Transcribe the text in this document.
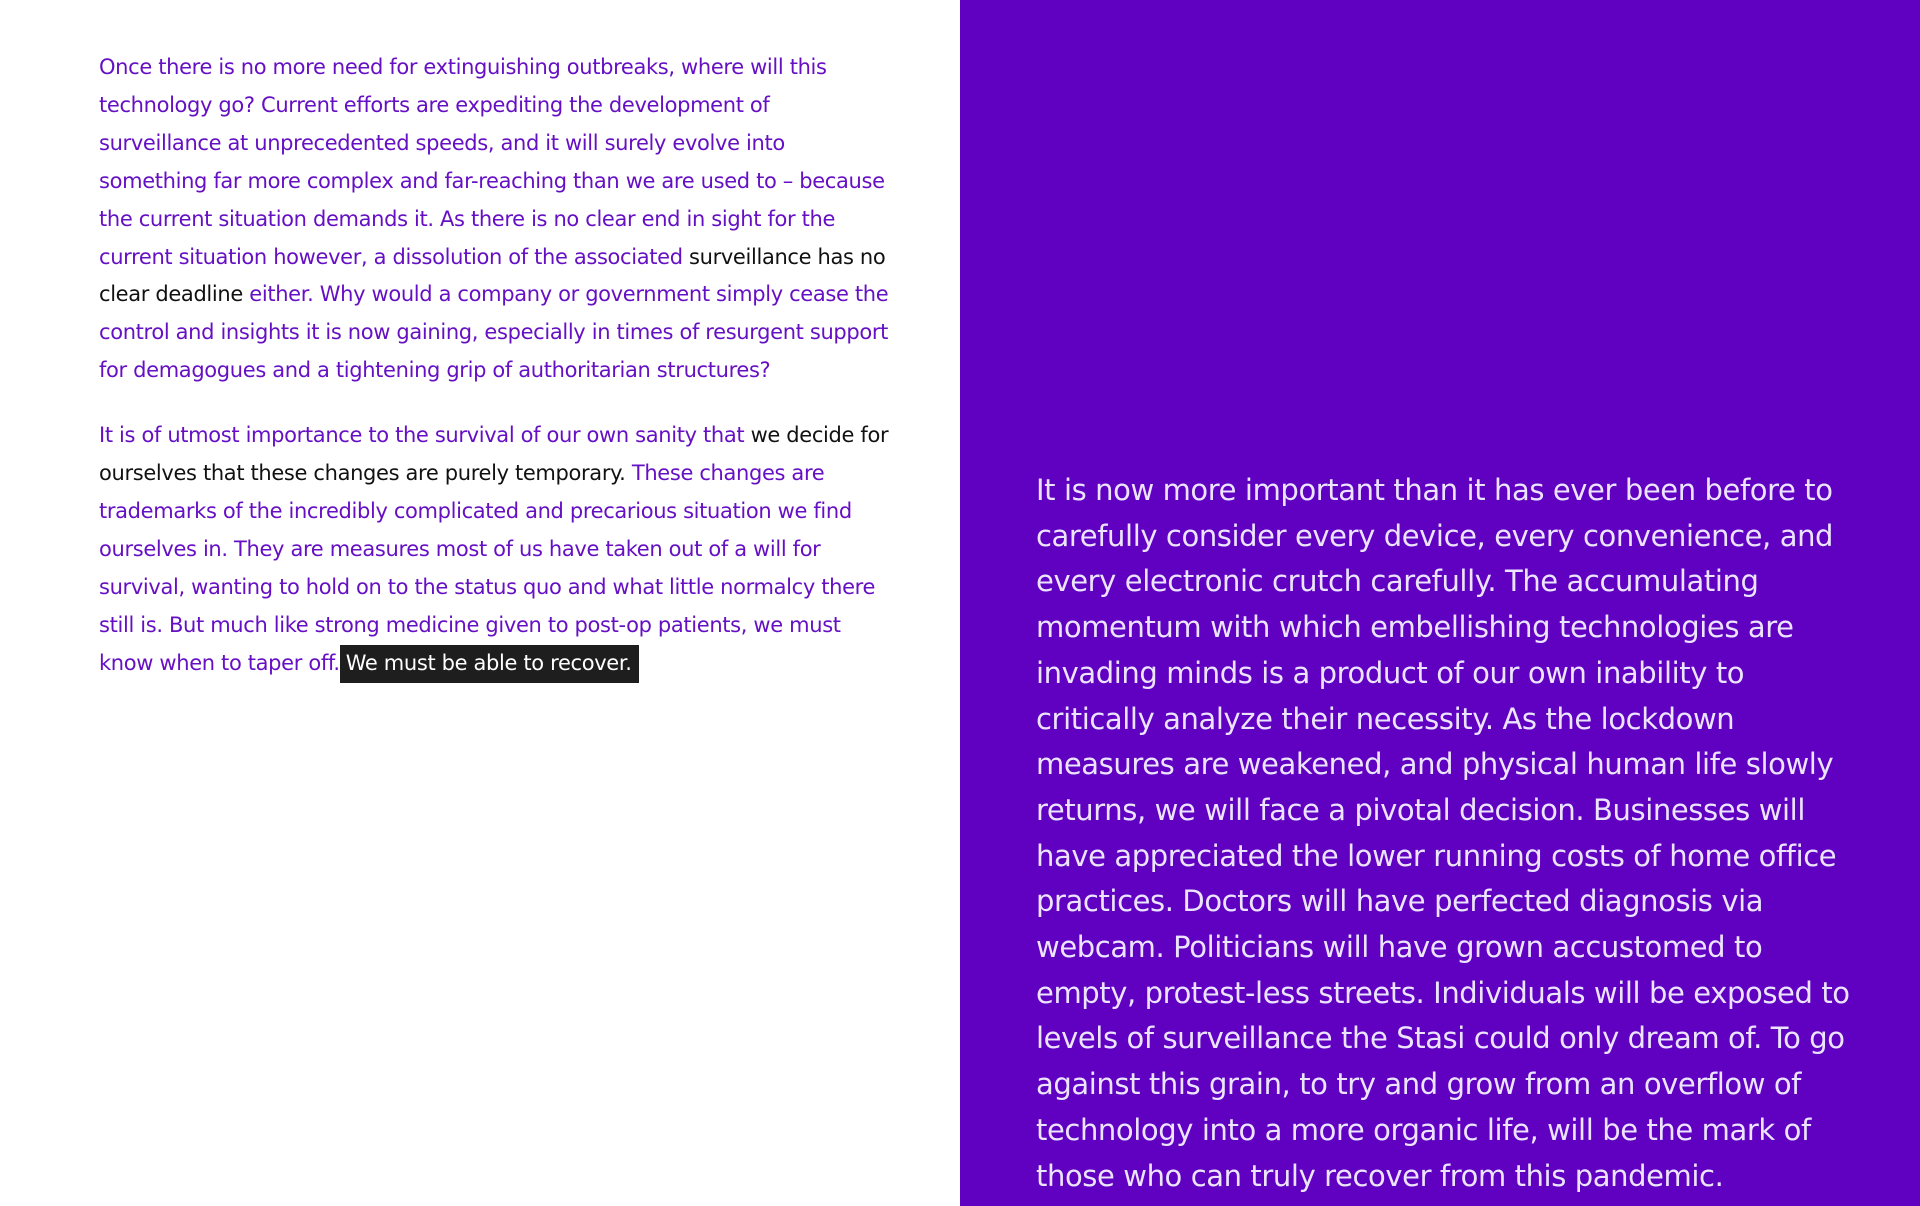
Once there is no more need for extinguishing outbreaks, where will this technology go? Current efforts are expediting the development of surveillance at unprecedented speeds, and it will surely evolve into something far more complex and far-reaching than we are used to – because the current situation demands it. As there is no clear end in sight for the current situation however, a dissolution of the associated surveillance has no clear deadline either. Why would a company or government simply cease the control and insights it is now gaining, especially in times of resurgent support for demagogues and a tightening grip of authoritarian structures?

It is of utmost importance to the survival of our own sanity that we decide for ourselves that these changes are purely temporary. These changes are trademarks of the incredibly complicated and precarious situation we find ourselves in. They are measures most of us have taken out of a will for survival, wanting to hold on to the status quo and what little normalcy there still is. But much like strong medicine given to post-op patients, we must know when to taper off. We must be able to recover.

It is now more important than it has ever been before to carefully consider every device, every convenience, and every electronic crutch carefully. The accumulating momentum with which embellishing technologies are invading minds is a product of our own inability to critically analyze their necessity. As the lockdown measures are weakened, and physical human life slowly returns, we will face a pivotal decision. Businesses will have appreciated the lower running costs of home office practices. Doctors will have perfected diagnosis via webcam. Politicians will have grown accustomed to empty, protest-less streets. Individuals will be exposed to levels of surveillance the Stasi could only dream of. To go against this grain, to try and grow from an overflow of technology into a more organic life, will be the mark of those who can truly recover from this pandemic.
